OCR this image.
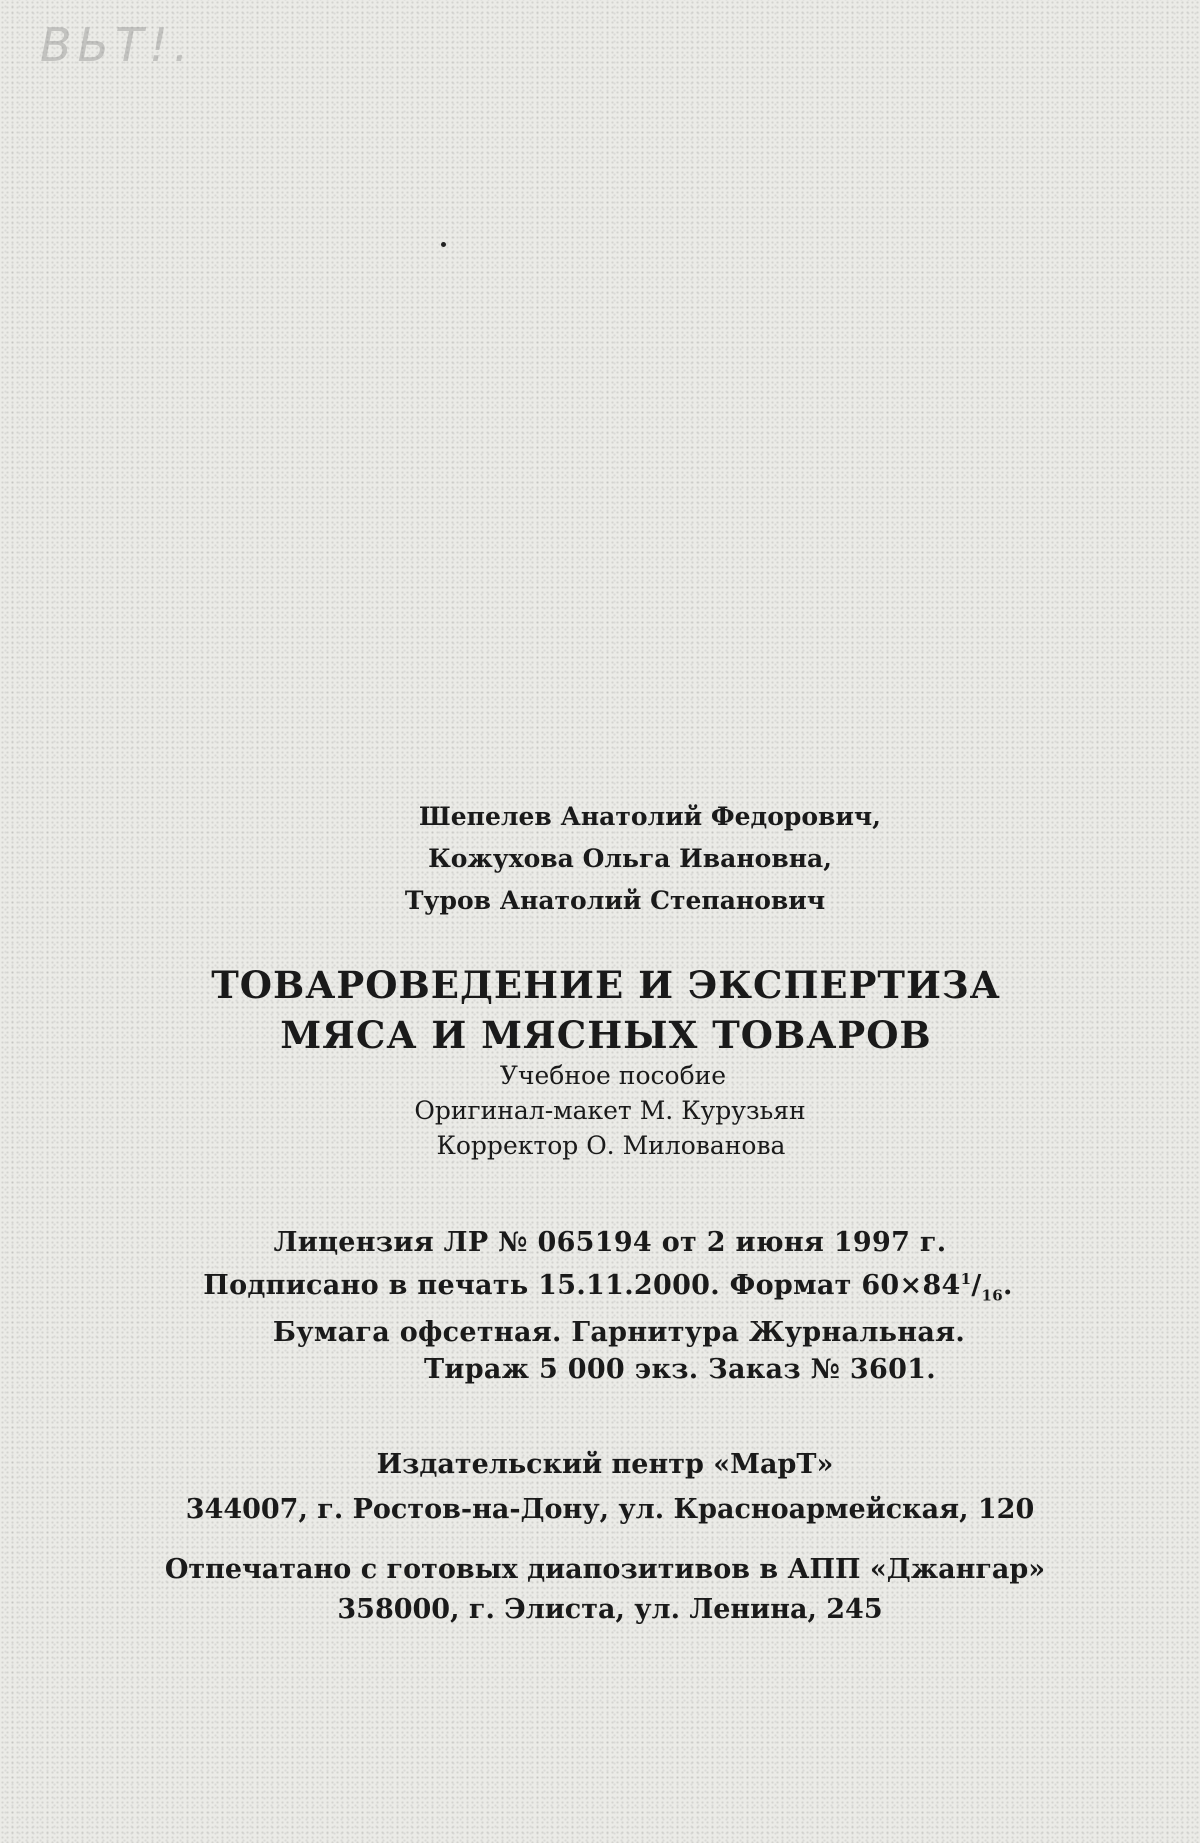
ВЬТ!.
Шепелев Анатолий Федорович,
Кожухова Ольга Ивановна,
Туров Анатолий Степанович
ТОВАРОВЕДЕНИЕ И ЭКСПЕРТИЗА
МЯСА И МЯСНЫХ ТОВАРОВ
Учебное пособие
Оригинал-макет М. Курузьян
Корректор О. Милованова
Лицензия ЛР № 065194 от 2 июня 1997 г.
Подписано в печать 15.11.2000. Формат $60\times 84^1/_{16}$.
Бумага офсетная. Гарнитура Журнальная.
Тираж 5 000 экз. Заказ № 3601.
Издательский пентр «МарТ»
344007, г. Ростов-на-Дону, ул. Красноармейская, 120
Отпечатано с готовых диапозитивов в АПП «Джангар»
358000, г. Элиста, ул. Ленина, 245
